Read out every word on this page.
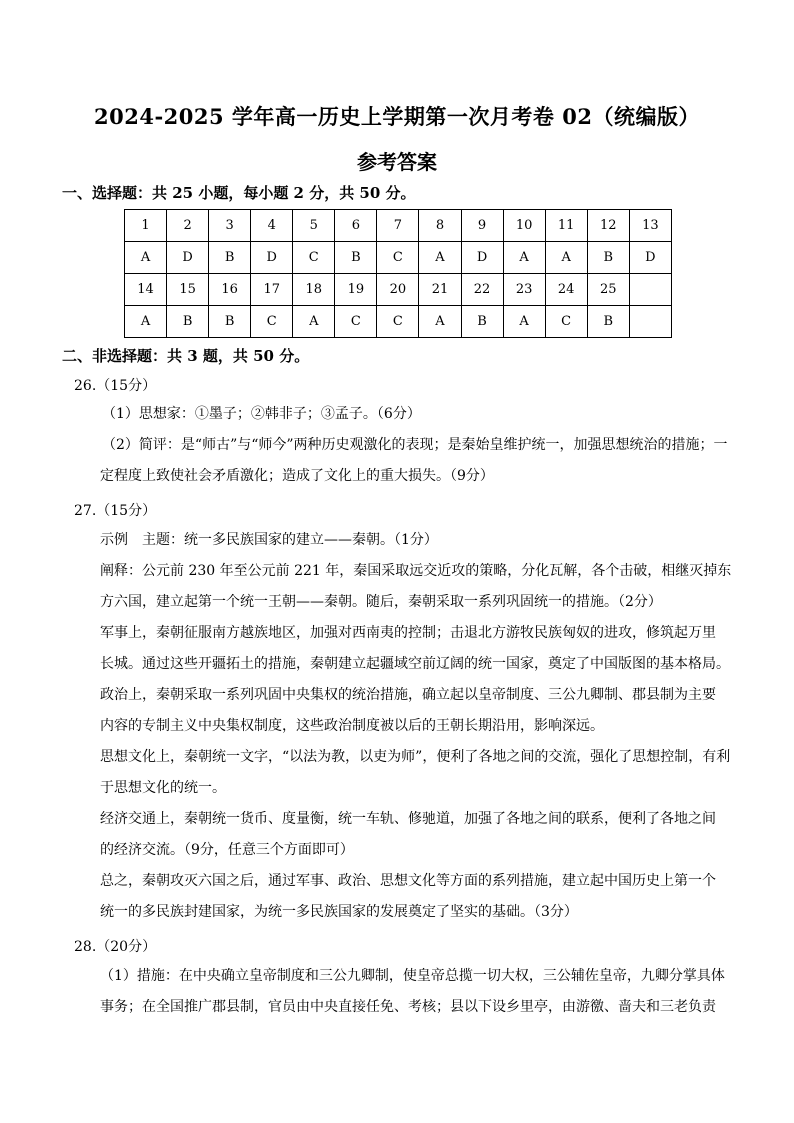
2024-2025 学年高一历史上学期第一次月考卷 02（统编版）
参考答案
一、选择题：共 25 小题，每小题 2 分，共 50 分。
1	2	3	4	5	6	7	8	9	10	11	12	13
A	D	B	D	C	B	C	A	D	A	A	B	D
14	15	16	17	18	19	20	21	22	23	24	25	
A	B	B	C	A	C	C	A	B	A	C	B	
二、非选择题：共 3 题，共 50 分。
26.（15分）
（1）思想家：①墨子；②韩非子；③孟子。（6分）
（2）简评：是“师古”与“师今”两种历史观激化的表现；是秦始皇维护统一，加强思想统治的措施；一
定程度上致使社会矛盾激化；造成了文化上的重大损失。（9分）
27.（15分）
示例　主题：统一多民族国家的建立——秦朝。（1分）
阐释：公元前 230 年至公元前 221 年，秦国采取远交近攻的策略，分化瓦解，各个击破，相继灭掉东
方六国，建立起第一个统一王朝——秦朝。随后，秦朝采取一系列巩固统一的措施。（2分）
军事上，秦朝征服南方越族地区，加强对西南夷的控制；击退北方游牧民族匈奴的进攻，修筑起万里
长城。通过这些开疆拓土的措施，秦朝建立起疆域空前辽阔的统一国家，奠定了中国版图的基本格局。
政治上，秦朝采取一系列巩固中央集权的统治措施，确立起以皇帝制度、三公九卿制、郡县制为主要
内容的专制主义中央集权制度，这些政治制度被以后的王朝长期沿用，影响深远。
思想文化上，秦朝统一文字，“以法为教，以吏为师”，便利了各地之间的交流，强化了思想控制，有利
于思想文化的统一。
经济交通上，秦朝统一货币、度量衡，统一车轨、修驰道，加强了各地之间的联系，便利了各地之间
的经济交流。（9分，任意三个方面即可）
总之，秦朝攻灭六国之后，通过军事、政治、思想文化等方面的系列措施，建立起中国历史上第一个
统一的多民族封建国家，为统一多民族国家的发展奠定了坚实的基础。（3分）
28.（20分）
（1）措施：在中央确立皇帝制度和三公九卿制，使皇帝总揽一切大权，三公辅佐皇帝，九卿分掌具体
事务；在全国推广郡县制，官员由中央直接任免、考核；县以下设乡里亭，由游徼、啬夫和三老负责
